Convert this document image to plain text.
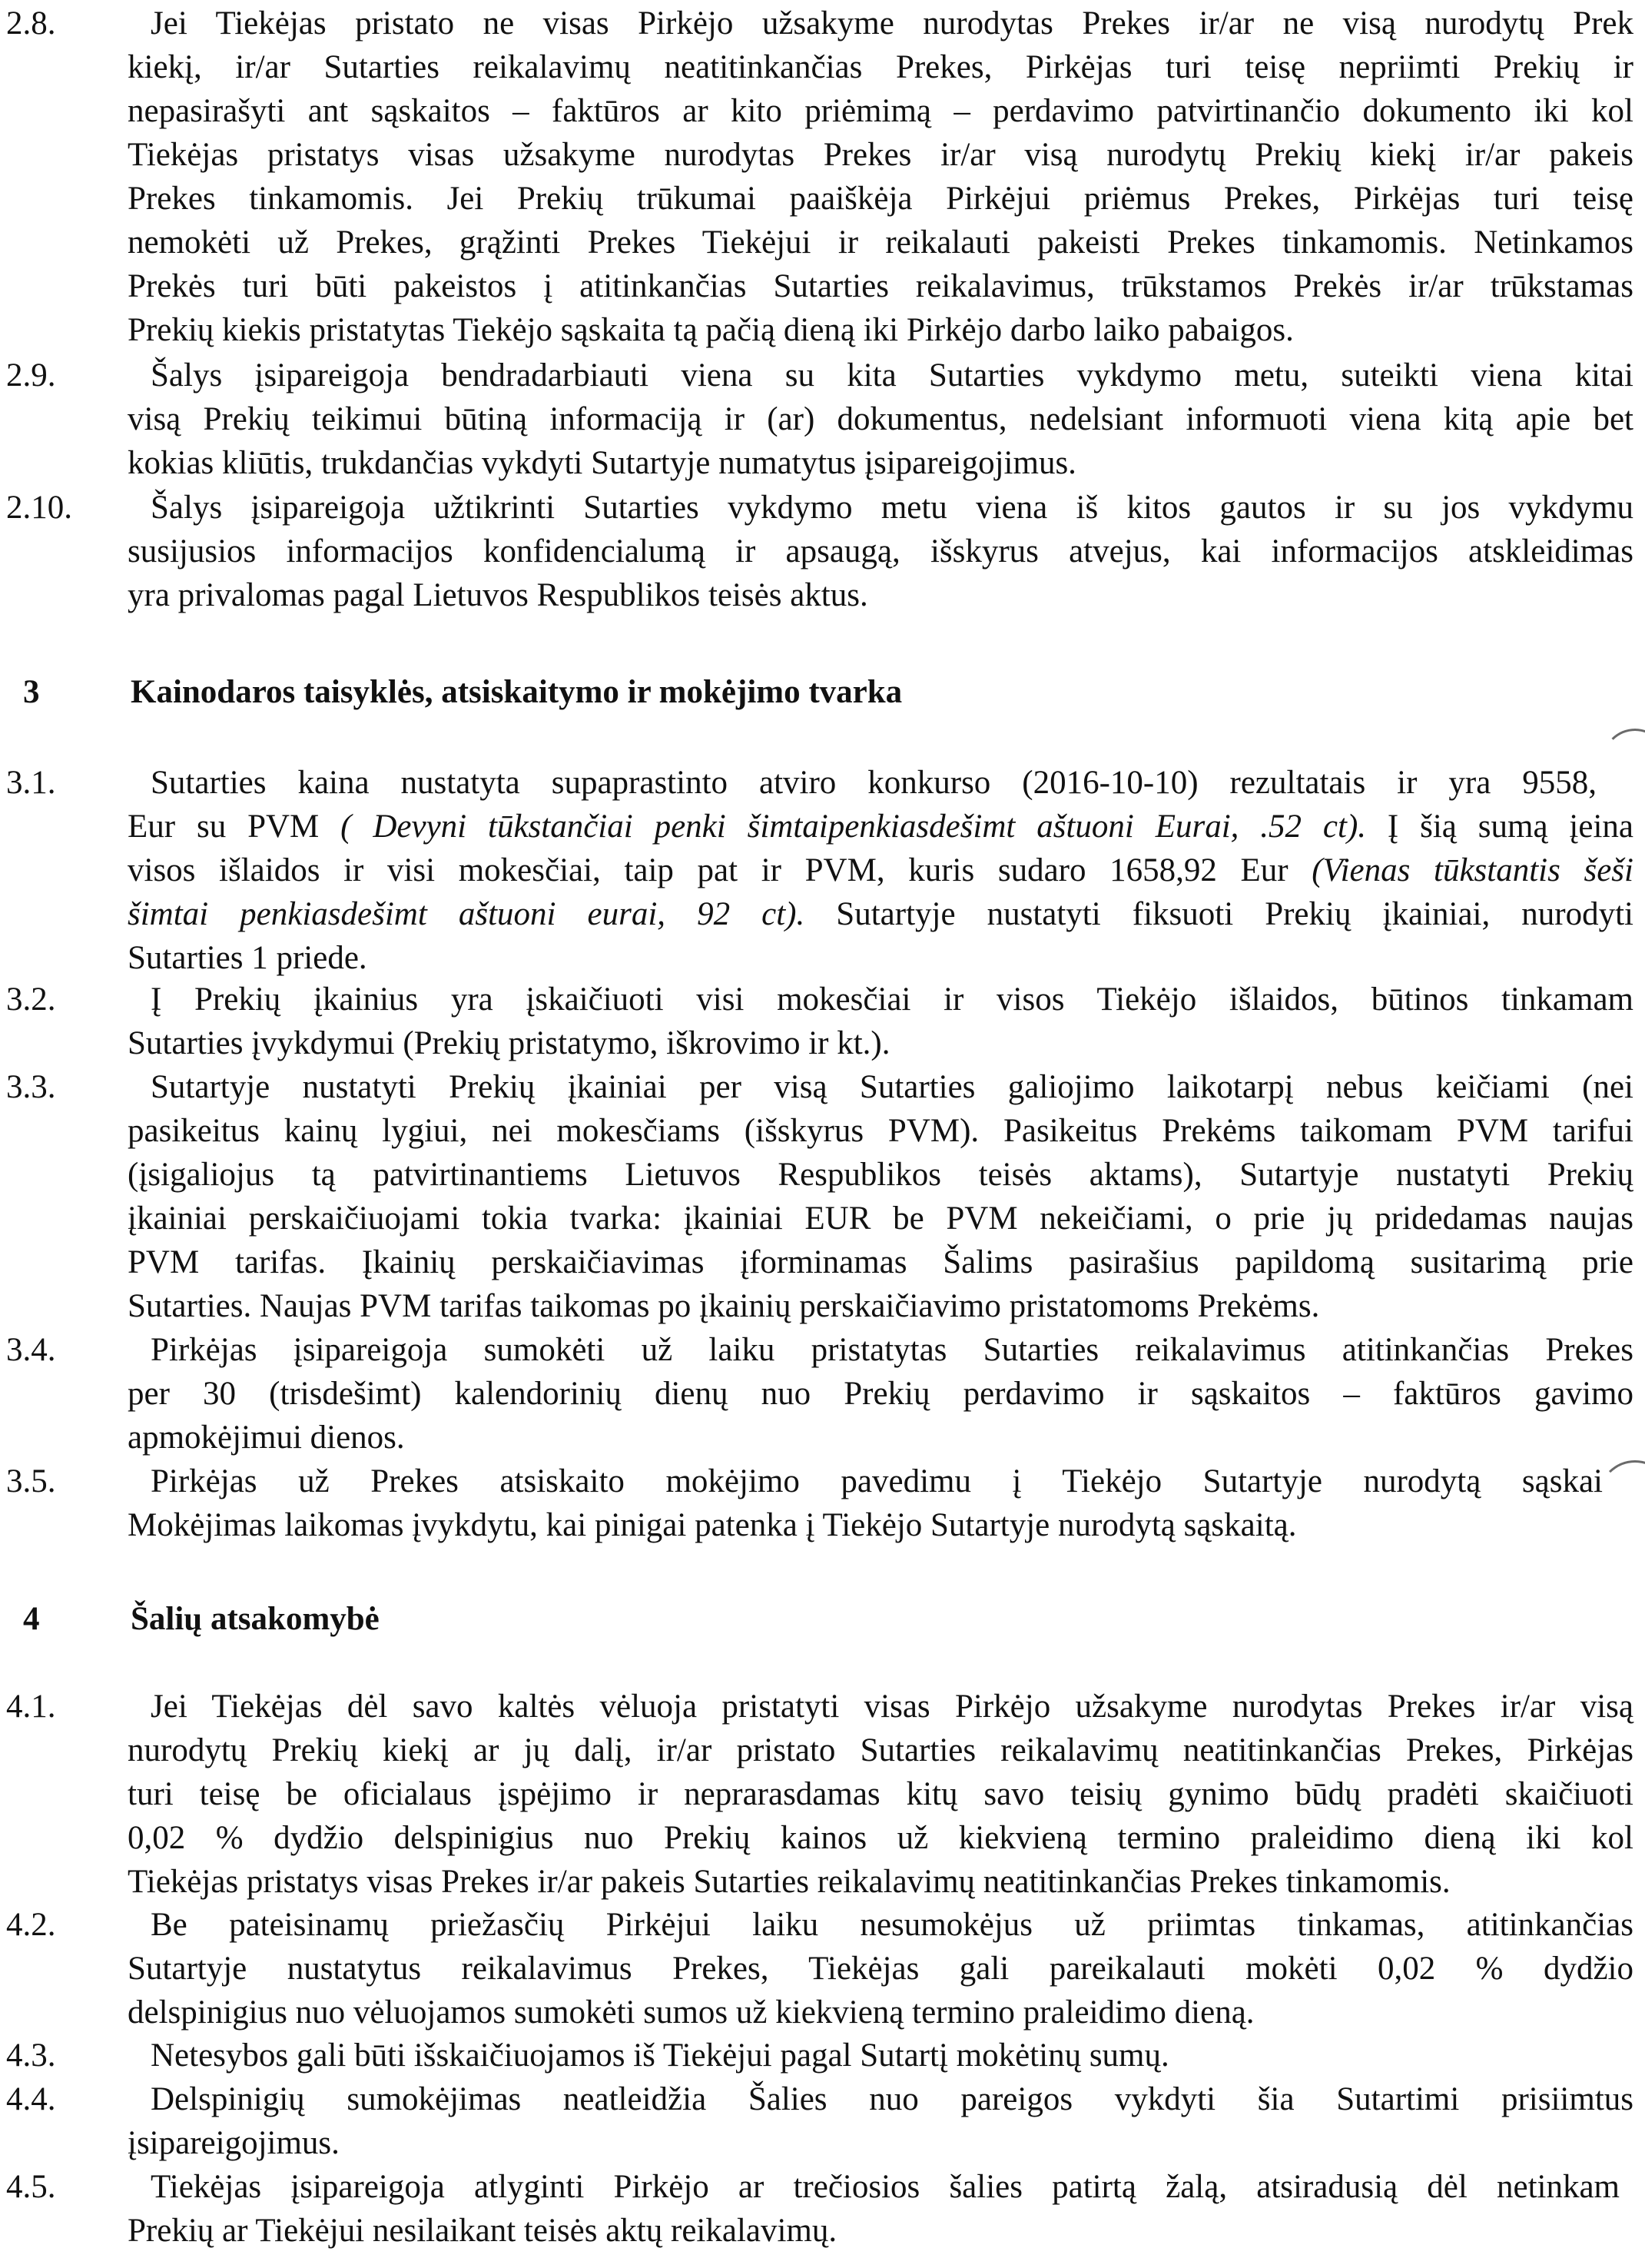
2.8.	Jei Tiekėjas pristato ne visas Pirkėjo užsakyme nurodytas Prekes ir/ar ne visą nurodytų Prek
kiekį, ir/ar Sutarties reikalavimų neatitinkančias Prekes, Pirkėjas turi teisę nepriimti Prekių ir
nepasirašyti ant sąskaitos – faktūros ar kito priėmimą – perdavimo patvirtinančio dokumento iki kol
Tiekėjas pristatys visas užsakyme nurodytas Prekes ir/ar visą nurodytų Prekių kiekį ir/ar pakeis
Prekes tinkamomis. Jei Prekių trūkumai paaiškėja Pirkėjui priėmus Prekes, Pirkėjas turi teisę
nemokėti už Prekes, grąžinti Prekes Tiekėjui ir reikalauti pakeisti Prekes tinkamomis. Netinkamos
Prekės turi būti pakeistos į atitinkančias Sutarties reikalavimus, trūkstamos Prekės ir/ar trūkstamas
Prekių kiekis pristatytas Tiekėjo sąskaita tą pačią dieną iki Pirkėjo darbo laiko pabaigos.
2.9.	Šalys įsipareigoja bendradarbiauti viena su kita Sutarties vykdymo metu, suteikti viena kitai
visą Prekių teikimui būtiną informaciją ir (ar) dokumentus, nedelsiant informuoti viena kitą apie bet
kokias kliūtis, trukdančias vykdyti Sutartyje numatytus įsipareigojimus.
2.10.	Šalys įsipareigoja užtikrinti Sutarties vykdymo metu viena iš kitos gautos ir su jos vykdymu
susijusios informacijos konfidencialumą ir apsaugą, išskyrus atvejus, kai informacijos atskleidimas
yra privalomas pagal Lietuvos Respublikos teisės aktus.
3	Kainodaros taisyklės, atsiskaitymo ir mokėjimo tvarka
3.1.	Sutarties kaina nustatyta supaprastinto atviro konkurso (2016-10-10) rezultatais ir yra 9558,
Eur su PVM ( Devyni tūkstančiai penki šimtaipenkiasdešimt aštuoni Eurai, .52 ct). Į šią sumą įeina
visos išlaidos ir visi mokesčiai, taip pat ir PVM, kuris sudaro 1658,92 Eur (Vienas tūkstantis šeši
šimtai penkiasdešimt aštuoni eurai, 92 ct). Sutartyje nustatyti fiksuoti Prekių įkainiai, nurodyti
Sutarties 1 priede.
3.2.	Į Prekių įkainius yra įskaičiuoti visi mokesčiai ir visos Tiekėjo išlaidos, būtinos tinkamam
Sutarties įvykdymui (Prekių pristatymo, iškrovimo ir kt.).
3.3.	Sutartyje nustatyti Prekių įkainiai per visą Sutarties galiojimo laikotarpį nebus keičiami (nei
pasikeitus kainų lygiui, nei mokesčiams (išskyrus PVM). Pasikeitus Prekėms taikomam PVM tarifui
(įsigaliojus tą patvirtinantiems Lietuvos Respublikos teisės aktams), Sutartyje nustatyti Prekių
įkainiai perskaičiuojami tokia tvarka: įkainiai EUR be PVM nekeičiami, o prie jų pridedamas naujas
PVM tarifas. Įkainių perskaičiavimas įforminamas Šalims pasirašius papildomą susitarimą prie
Sutarties. Naujas PVM tarifas taikomas po įkainių perskaičiavimo pristatomoms Prekėms.
3.4.	Pirkėjas įsipareigoja sumokėti už laiku pristatytas Sutarties reikalavimus atitinkančias Prekes
per 30 (trisdešimt) kalendorinių dienų nuo Prekių perdavimo ir sąskaitos – faktūros gavimo
apmokėjimui dienos.
3.5.	Pirkėjas už Prekes atsiskaito mokėjimo pavedimu į Tiekėjo Sutartyje nurodytą sąskai
Mokėjimas laikomas įvykdytu, kai pinigai patenka į Tiekėjo Sutartyje nurodytą sąskaitą.
4	Šalių atsakomybė
4.1.	Jei Tiekėjas dėl savo kaltės vėluoja pristatyti visas Pirkėjo užsakyme nurodytas Prekes ir/ar visą
nurodytų Prekių kiekį ar jų dalį, ir/ar pristato Sutarties reikalavimų neatitinkančias Prekes, Pirkėjas
turi teisę be oficialaus įspėjimo ir neprarasdamas kitų savo teisių gynimo būdų pradėti skaičiuoti
0,02 % dydžio delspinigius nuo Prekių kainos už kiekvieną termino praleidimo dieną iki kol
Tiekėjas pristatys visas Prekes ir/ar pakeis Sutarties reikalavimų neatitinkančias Prekes tinkamomis.
4.2.	Be pateisinamų priežasčių Pirkėjui laiku nesumokėjus už priimtas tinkamas, atitinkančias
Sutartyje nustatytus reikalavimus Prekes, Tiekėjas gali pareikalauti mokėti 0,02 % dydžio
delspinigius nuo vėluojamos sumokėti sumos už kiekvieną termino praleidimo dieną.
4.3.	Netesybos gali būti išskaičiuojamos iš Tiekėjui pagal Sutartį mokėtinų sumų.
4.4.	Delspinigių sumokėjimas neatleidžia Šalies nuo pareigos vykdyti šia Sutartimi prisiimtus
įsipareigojimus.
4.5.	Tiekėjas įsipareigoja atlyginti Pirkėjo ar trečiosios šalies patirtą žalą, atsiradusią dėl netinkam
Prekių ar Tiekėjui nesilaikant teisės aktų reikalavimų.
